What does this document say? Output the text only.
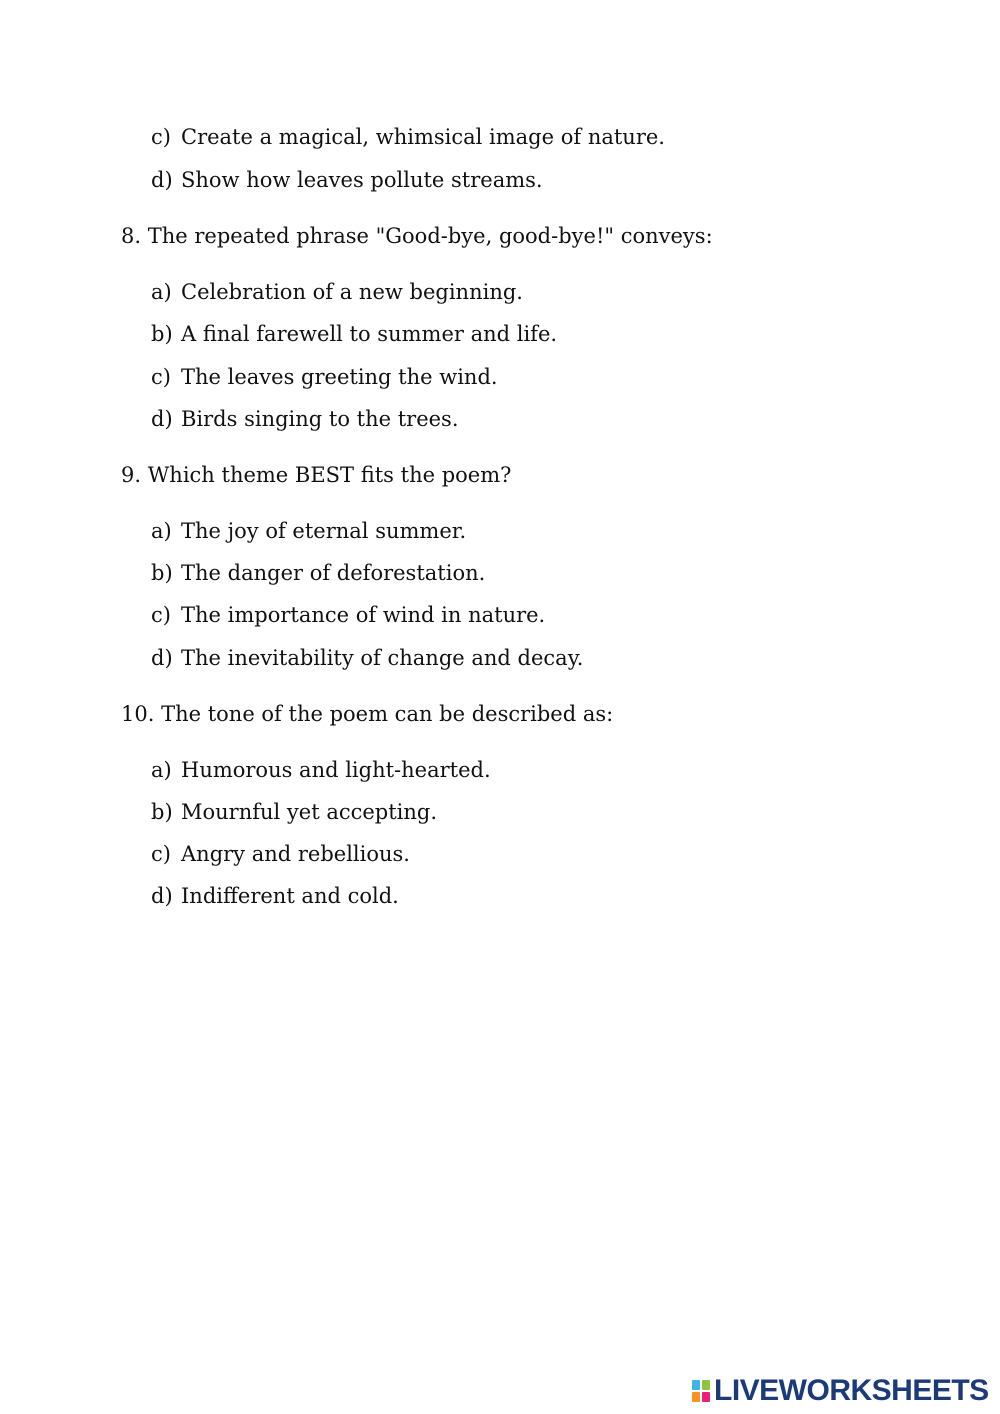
c) Create a magical, whimsical image of nature.
d) Show how leaves pollute streams.
8. The repeated phrase "Good-bye, good-bye!" conveys:
a) Celebration of a new beginning.
b) A final farewell to summer and life.
c) The leaves greeting the wind.
d) Birds singing to the trees.
9. Which theme BEST fits the poem?
a) The joy of eternal summer.
b) The danger of deforestation.
c) The importance of wind in nature.
d) The inevitability of change and decay.
10. The tone of the poem can be described as:
a) Humorous and light-hearted.
b) Mournful yet accepting.
c) Angry and rebellious.
d) Indifferent and cold.
LIVEWORKSHEETS
